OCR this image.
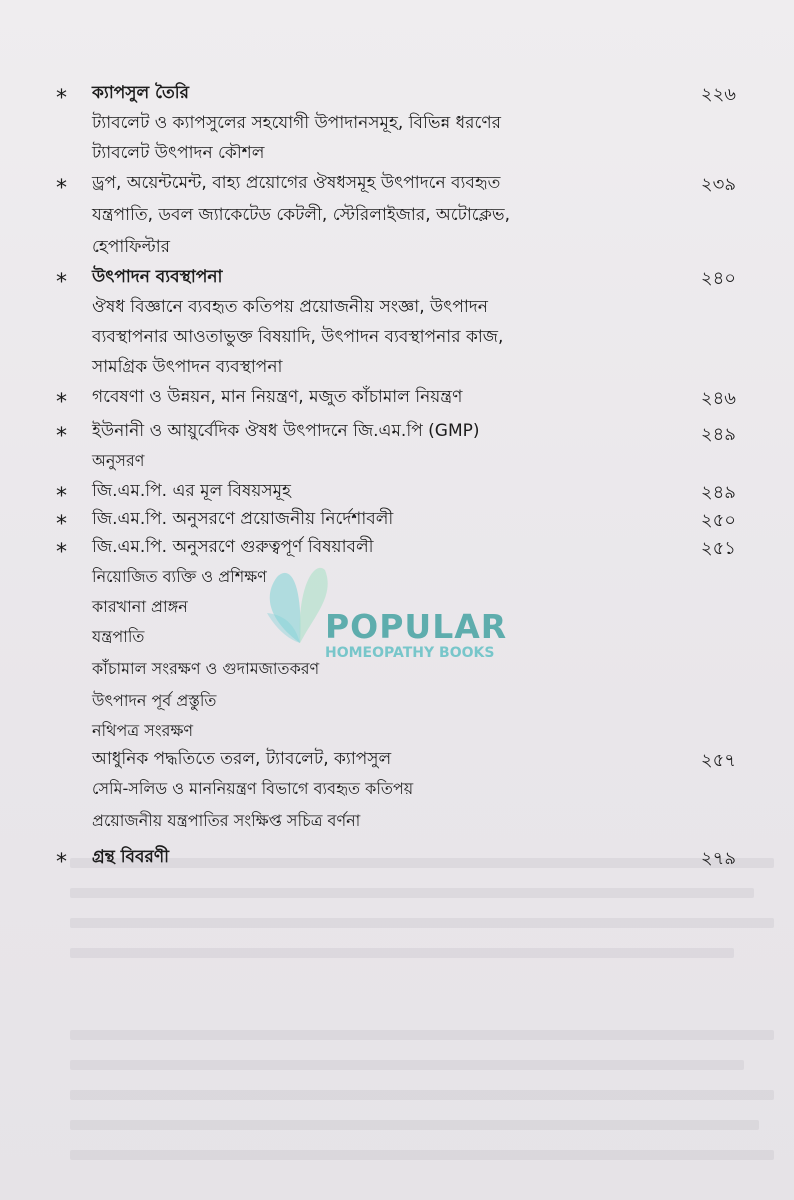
* ক্যাপসুল তৈরি	২২৬
ট্যাবলেট ও ক্যাপসুলের সহযোগী উপাদানসমূহ, বিভিন্ন ধরণের
ট্যাবলেট উৎপাদন কৌশল
* ড্রপ, অয়েন্টমেন্ট, বাহ্য প্রয়োগের ঔষধসমূহ উৎপাদনে ব্যবহৃত	২৩৯
যন্ত্রপাতি, ডবল জ্যাকেটেড কেটলী, স্টেরিলাইজার, অটোক্লেভ,
হেপাফিল্টার
* উৎপাদন ব্যবস্থাপনা	২৪০
ঔষধ বিজ্ঞানে ব্যবহৃত কতিপয় প্রয়োজনীয় সংজ্ঞা, উৎপাদন
ব্যবস্থাপনার আওতাভুক্ত বিষয়াদি, উৎপাদন ব্যবস্থাপনার কাজ,
সামগ্রিক উৎপাদন ব্যবস্থাপনা
* গবেষণা ও উন্নয়ন, মান নিয়ন্ত্রণ, মজুত কাঁচামাল নিয়ন্ত্রণ	২৪৬
* ইউনানী ও আয়ুর্বেদিক ঔষধ উৎপাদনে জি.এম.পি (GMP)	২৪৯
অনুসরণ
* জি.এম.পি. এর মূল বিষয়সমূহ	২৪৯
* জি.এম.পি. অনুসরণে প্রয়োজনীয় নির্দেশাবলী	২৫০
* জি.এম.পি. অনুসরণে গুরুত্বপূর্ণ বিষয়াবলী	২৫১
নিয়োজিত ব্যক্তি ও প্রশিক্ষণ
কারখানা প্রাঙ্গন
যন্ত্রপাতি
কাঁচামাল সংরক্ষণ ও গুদামজাতকরণ
উৎপাদন পূর্ব প্রস্তুতি
নথিপত্র সংরক্ষণ
আধুনিক পদ্ধতিতে তরল, ট্যাবলেট, ক্যাপসুল	২৫৭
সেমি-সলিড ও মাননিয়ন্ত্রণ বিভাগে ব্যবহৃত কতিপয়
প্রয়োজনীয় যন্ত্রপাতির সংক্ষিপ্ত সচিত্র বর্ণনা
* গ্রন্থ বিবরণী	২৭৯
POPULAR
HOMEOPATHY BOOKS
